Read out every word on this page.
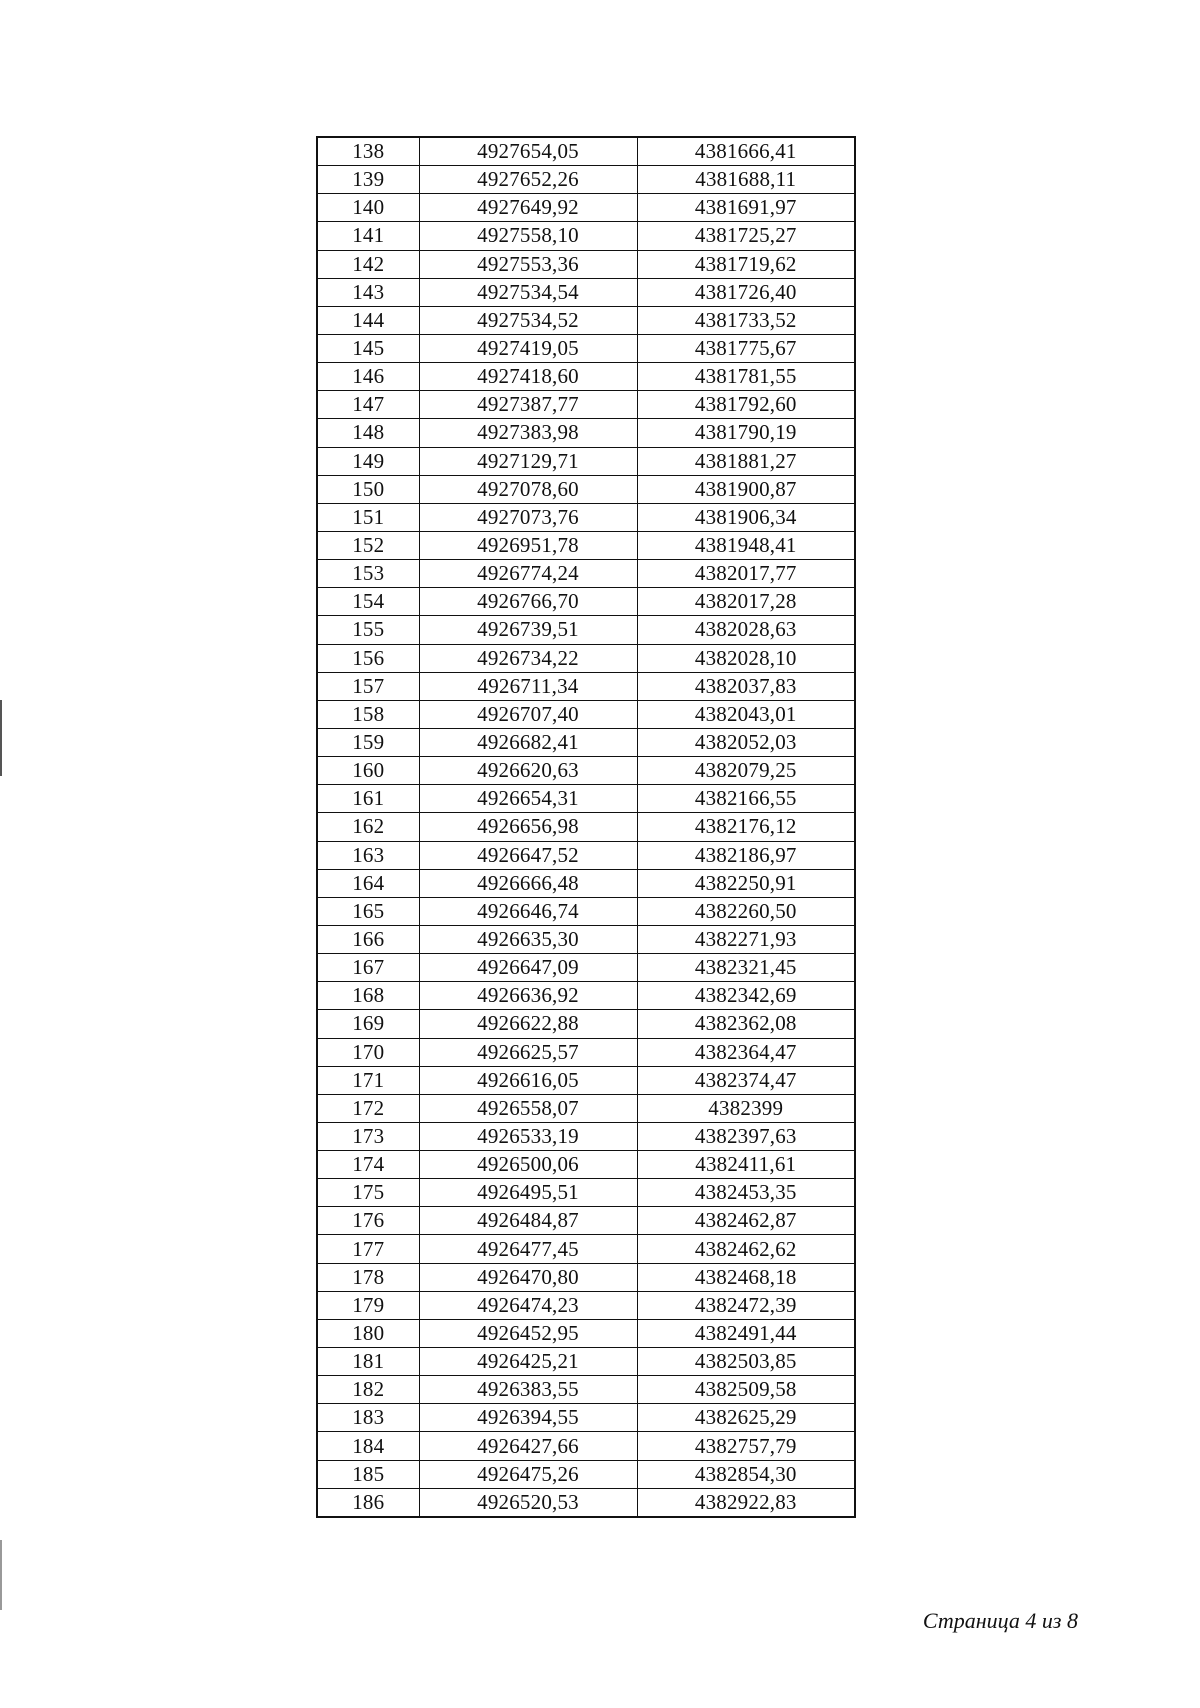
138	4927654,05	4381666,41
139	4927652,26	4381688,11
140	4927649,92	4381691,97
141	4927558,10	4381725,27
142	4927553,36	4381719,62
143	4927534,54	4381726,40
144	4927534,52	4381733,52
145	4927419,05	4381775,67
146	4927418,60	4381781,55
147	4927387,77	4381792,60
148	4927383,98	4381790,19
149	4927129,71	4381881,27
150	4927078,60	4381900,87
151	4927073,76	4381906,34
152	4926951,78	4381948,41
153	4926774,24	4382017,77
154	4926766,70	4382017,28
155	4926739,51	4382028,63
156	4926734,22	4382028,10
157	4926711,34	4382037,83
158	4926707,40	4382043,01
159	4926682,41	4382052,03
160	4926620,63	4382079,25
161	4926654,31	4382166,55
162	4926656,98	4382176,12
163	4926647,52	4382186,97
164	4926666,48	4382250,91
165	4926646,74	4382260,50
166	4926635,30	4382271,93
167	4926647,09	4382321,45
168	4926636,92	4382342,69
169	4926622,88	4382362,08
170	4926625,57	4382364,47
171	4926616,05	4382374,47
172	4926558,07	4382399
173	4926533,19	4382397,63
174	4926500,06	4382411,61
175	4926495,51	4382453,35
176	4926484,87	4382462,87
177	4926477,45	4382462,62
178	4926470,80	4382468,18
179	4926474,23	4382472,39
180	4926452,95	4382491,44
181	4926425,21	4382503,85
182	4926383,55	4382509,58
183	4926394,55	4382625,29
184	4926427,66	4382757,79
185	4926475,26	4382854,30
186	4926520,53	4382922,83
Страница 4 из 8
